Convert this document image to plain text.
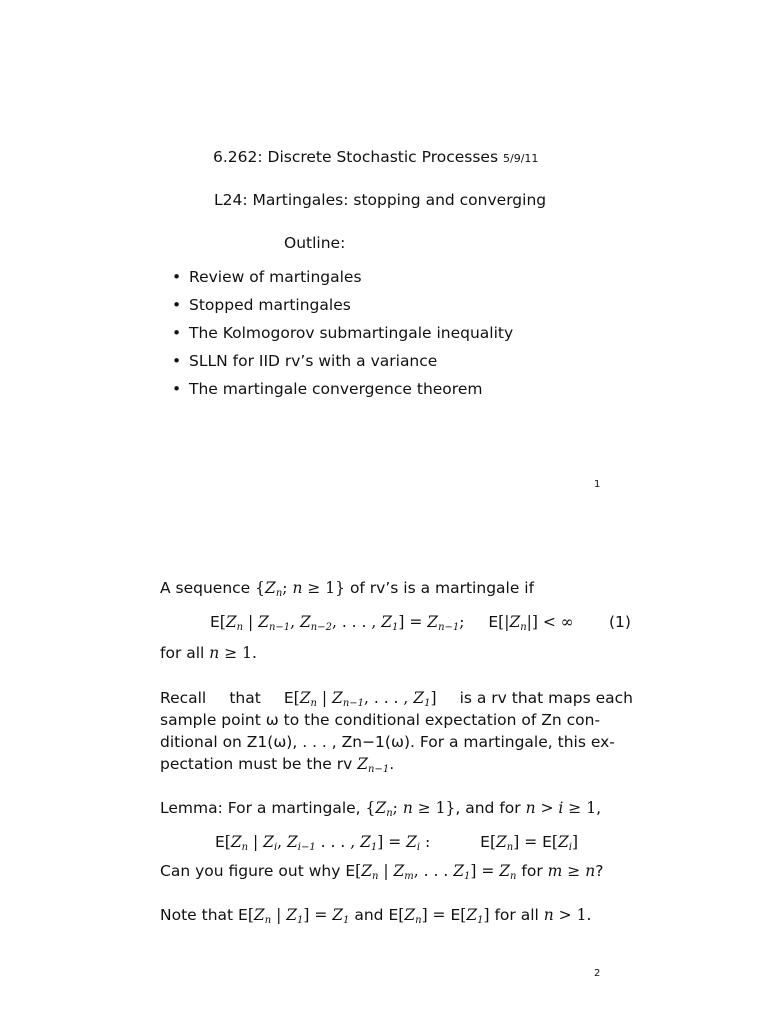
6.262: Discrete Stochastic Processes 5/9/11
L24: Martingales: stopping and converging
Outline:
• Review of martingales
• Stopped martingales
• The Kolmogorov submartingale inequality
• SLLN for IID rv’s with a variance
• The martingale convergence theorem
1
A sequence {$Z_n$; n ≥ 1} of rv’s is a martingale if
$E[Z_n$ | $Z_{n-1}$, $Z_{n-2}$, . . . , $Z_1] = Z_{n-1}$;  $E[|Z_n|]$ < ∞ (1)
for all n ≥ 1.
Recall that $E[Z_n$ | $Z_{n-1}$, . . . , $Z_1$] is a rv that maps each
sample point ω to the conditional expectation of Zn con-
ditional on Z1(ω), . . . , Zn−1(ω). For a martingale, this ex-
pectation must be the rv
$Z_{n-1}$ .
Lemma: For a martingale, {$Z_n$; n ≥ 1}, and for n > i ≥ 1,
$E[Z_n$ | $Z_i$, $Z_{i-1}$ . . . , $Z_1] = Z_i$ :	$E[Z_n] = E[Z_i]$
Can you figure out why $E[Z_n$ | $Z_m$, . . . $Z_1] = Z_n$ for m ≥ n?
Note that $E[Z_n$ | $Z_1] = Z_1$ and $E[Z_n] = E[Z_1]$ for all n > 1.
2
